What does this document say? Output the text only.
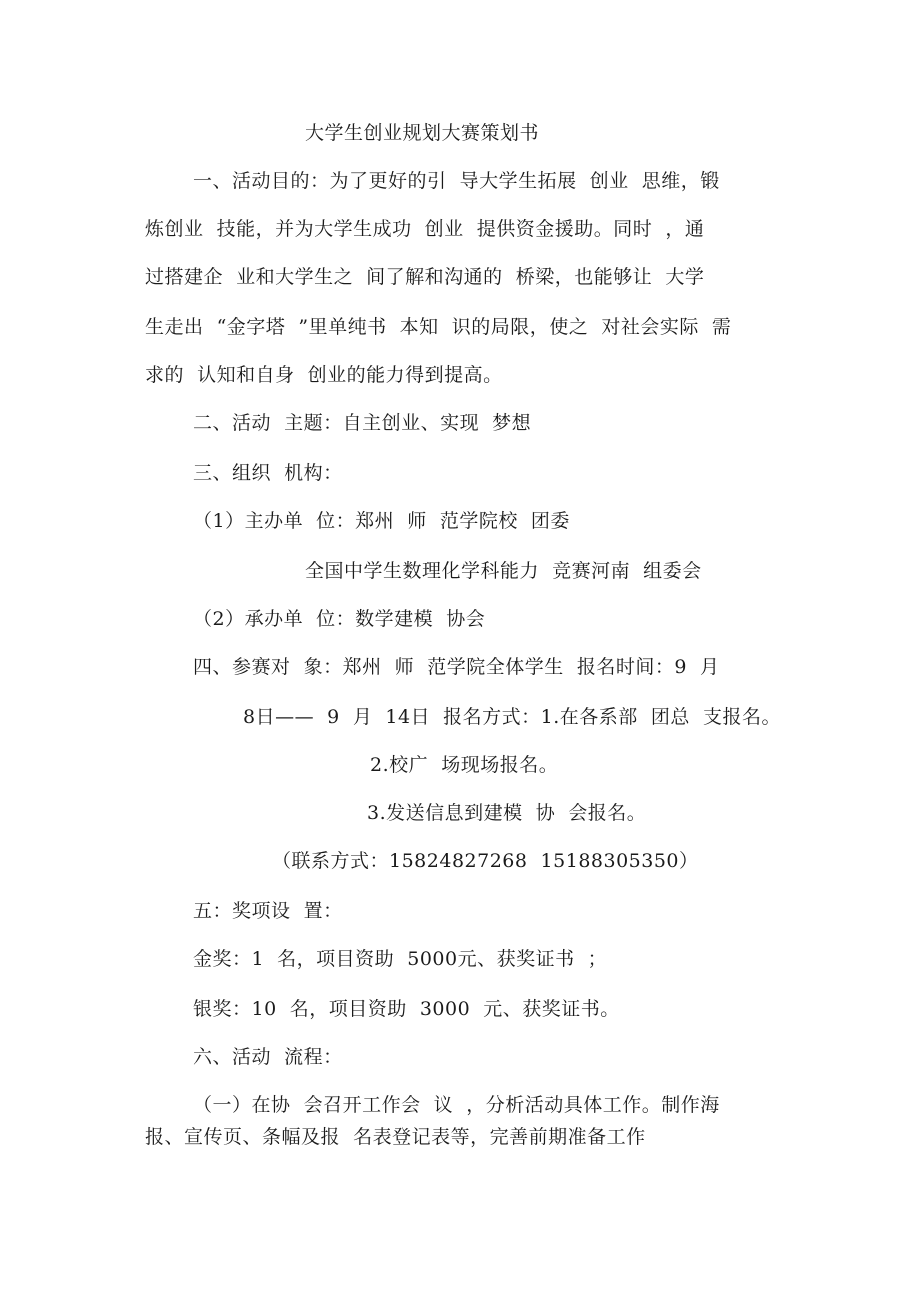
大学生创业规划大赛策划书
一、活动目的：为了更好的引  导大学生拓展  创业  思维，锻
炼创业  技能，并为大学生成功  创业  提供资金援助。同时  ，通
过搭建企  业和大学生之  间了解和沟通的  桥梁，也能够让  大学
生走出  “金字塔  ”里单纯书  本知  识的局限，使之  对社会实际  需
求的  认知和自身  创业的能力得到提高。
二、活动  主题：自主创业、实现  梦想
三、组织  机构：
（1）主办单  位：郑州  师  范学院校  团委
全国中学生数理化学科能力  竞赛河南  组委会
（2）承办单  位：数学建模  协会
四、参赛对  象：郑州  师  范学院全体学生  报名时间：9  月
8日——  9  月  14日  报名方式：1.在各系部  团总  支报名。
2.校广  场现场报名。
3.发送信息到建模  协  会报名。
（联系方式：15824827268  15188305350）
五：奖项设  置：
金奖：1  名，项目资助  5000元、获奖证书  ；
银奖：10  名，项目资助  3000  元、获奖证书。
六、活动  流程：
（一）在协  会召开工作会  议  ，分析活动具体工作。制作海
报、宣传页、条幅及报  名表登记表等，完善前期准备工作
